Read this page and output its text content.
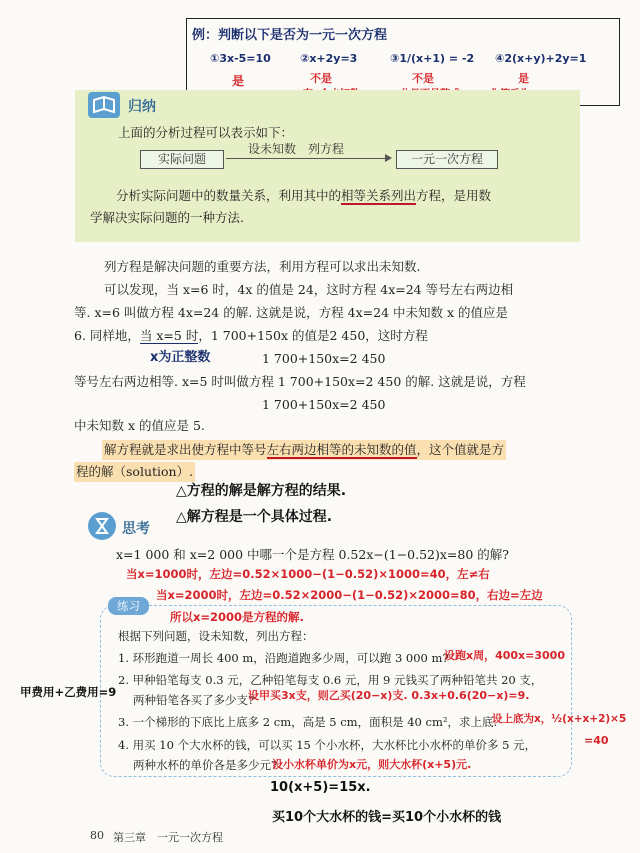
例：判断以下是否为一元一次方程
①3x-5=10	②x+2y=3	③1/(x+1) = -2 ④2(x+y)+2y=1
是	不是	不是	是
归纳
上面的分析过程可以表示如下：
实际问题
设未知数　列方程
一元一次方程
分析实际问题中的数量关系，利用其中的相等关系列出方程，是用数
学解决实际问题的一种方法.
列方程是解决问题的重要方法，利用方程可以求出未知数.
可以发现，当 x=6 时，4x 的值是 24，这时方程 4x=24 等号左右两边相
等. x=6 叫做方程 4x=24 的解. 这就是说，方程 4x=24 中未知数 x 的值应是
6. 同样地，当 x=5 时，1 700+150x 的值是2 450，这时方程
x为正整数	1 700+150x=2 450
等号左右两边相等. x=5 时叫做方程 1 700+150x=2 450 的解. 这就是说，方程
1 700+150x=2 450
中未知数 x 的值应是 5.
解方程就是求出使方程中等号左右两边相等的未知数的值，这个值就是方
程的解（solution）.
△方程的解是解方程的结果.
△解方程是一个具体过程.
思考
x=1 000 和 x=2 000 中哪一个是方程 0.52x−(1−0.52)x=80 的解?
当x=1000时，左边=0.52×1000−(1−0.52)×1000=40，左≠右
当x=2000时，左边=0.52×2000−(1−0.52)×2000=80，右边=左边
所以x=2000是方程的解.
练习
根据下列问题，设未知数，列出方程：
1. 环形跑道一周长 400 m，沿跑道跑多少周，可以跑 3 000 m?
设跑x周，400x=3000
2. 甲种铅笔每支 0.3 元，乙种铅笔每支 0.6 元，用 9 元钱买了两种铅笔共 20 支，
甲费用+乙费用=9
两种铅笔各买了多少支?
设甲买3x支，则乙买(20−x)支. 0.3x+0.6(20−x)=9.
3. 一个梯形的下底比上底多 2 cm，高是 5 cm，面积是 40 cm²，求上底.
设上底为x，½(x+x+2)×5
=40
4. 用买 10 个大水杯的钱，可以买 15 个小水杯，大水杯比小水杯的单价多 5 元，
两种水杯的单价各是多少元?
设小水杯单价为x元，则大水杯(x+5)元.
10(x+5)=15x.
买10个大水杯的钱=买10个小水杯的钱
80 第三章　一元一次方程
